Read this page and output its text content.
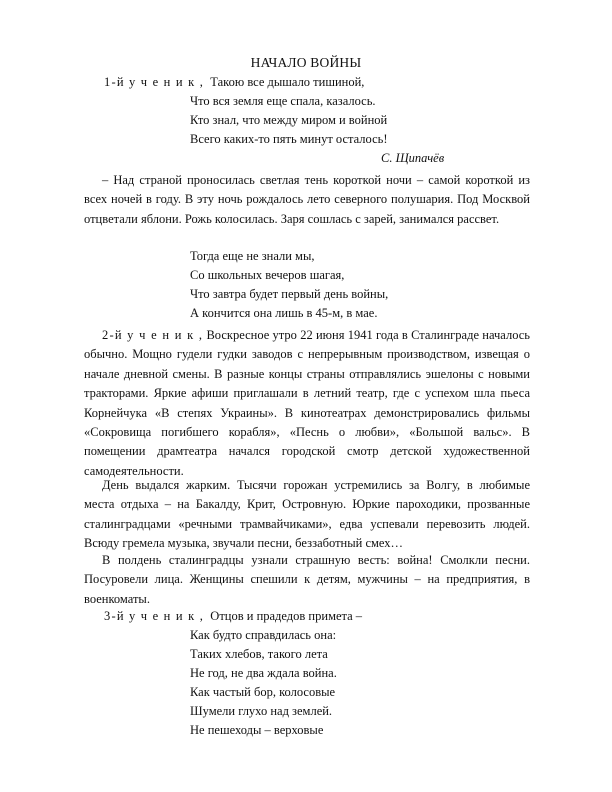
НАЧАЛО ВОЙНЫ
1-й у ч е н и к , Такою все дышало тишиной,
Что вся земля еще спала, казалось.
Кто знал, что между миром и войной
Всего каких-то пять минут осталось!
С. Щипачёв
– Над страной проносилась светлая тень короткой ночи – самой короткой из всех ночей в году. В эту ночь рождалось лето северного полушария. Под Москвой отцветали яблони. Рожь колосилась. Заря сошлась с зарей, занимался рассвет.
Тогда еще не знали мы,
Со школьных вечеров шагая,
Что завтра будет первый день войны,
А кончится она лишь в 45-м, в мае.
2-й у ч е н и к , Воскресное утро 22 июня 1941 года в Сталинграде началось обычно. Мощно гудели гудки заводов с непрерывным производством, извещая о начале дневной смены. В разные концы страны отправлялись эшелоны с новыми тракторами. Яркие афиши приглашали в летний театр, где с успехом шла пьеса Корнейчука «В степях Украины». В кинотеатрах демонстрировались фильмы «Сокровища погибшего корабля», «Песнь о любви», «Большой вальс». В помещении драмтеатра начался городской смотр детской художественной самодеятельности.
День выдался жарким. Тысячи горожан устремились за Волгу, в любимые места отдыха – на Бакалду, Крит, Островную. Юркие пароходики, прозванные сталинградцами «речными трамвайчиками», едва успевали перевозить людей. Всюду гремела музыка, звучали песни, беззаботный смех…
В полдень сталинградцы узнали страшную весть: война! Смолкли песни. Посуровели лица. Женщины спешили к детям, мужчины – на предприятия, в военкоматы.
3-й у ч е н и к , Отцов и прадедов примета –
Как будто справдилась она:
Таких хлебов, такого лета
Не год, не два ждала война.
Как частый бор, колосовые
Шумели глухо над землей.
Не пешеходы – верховые
